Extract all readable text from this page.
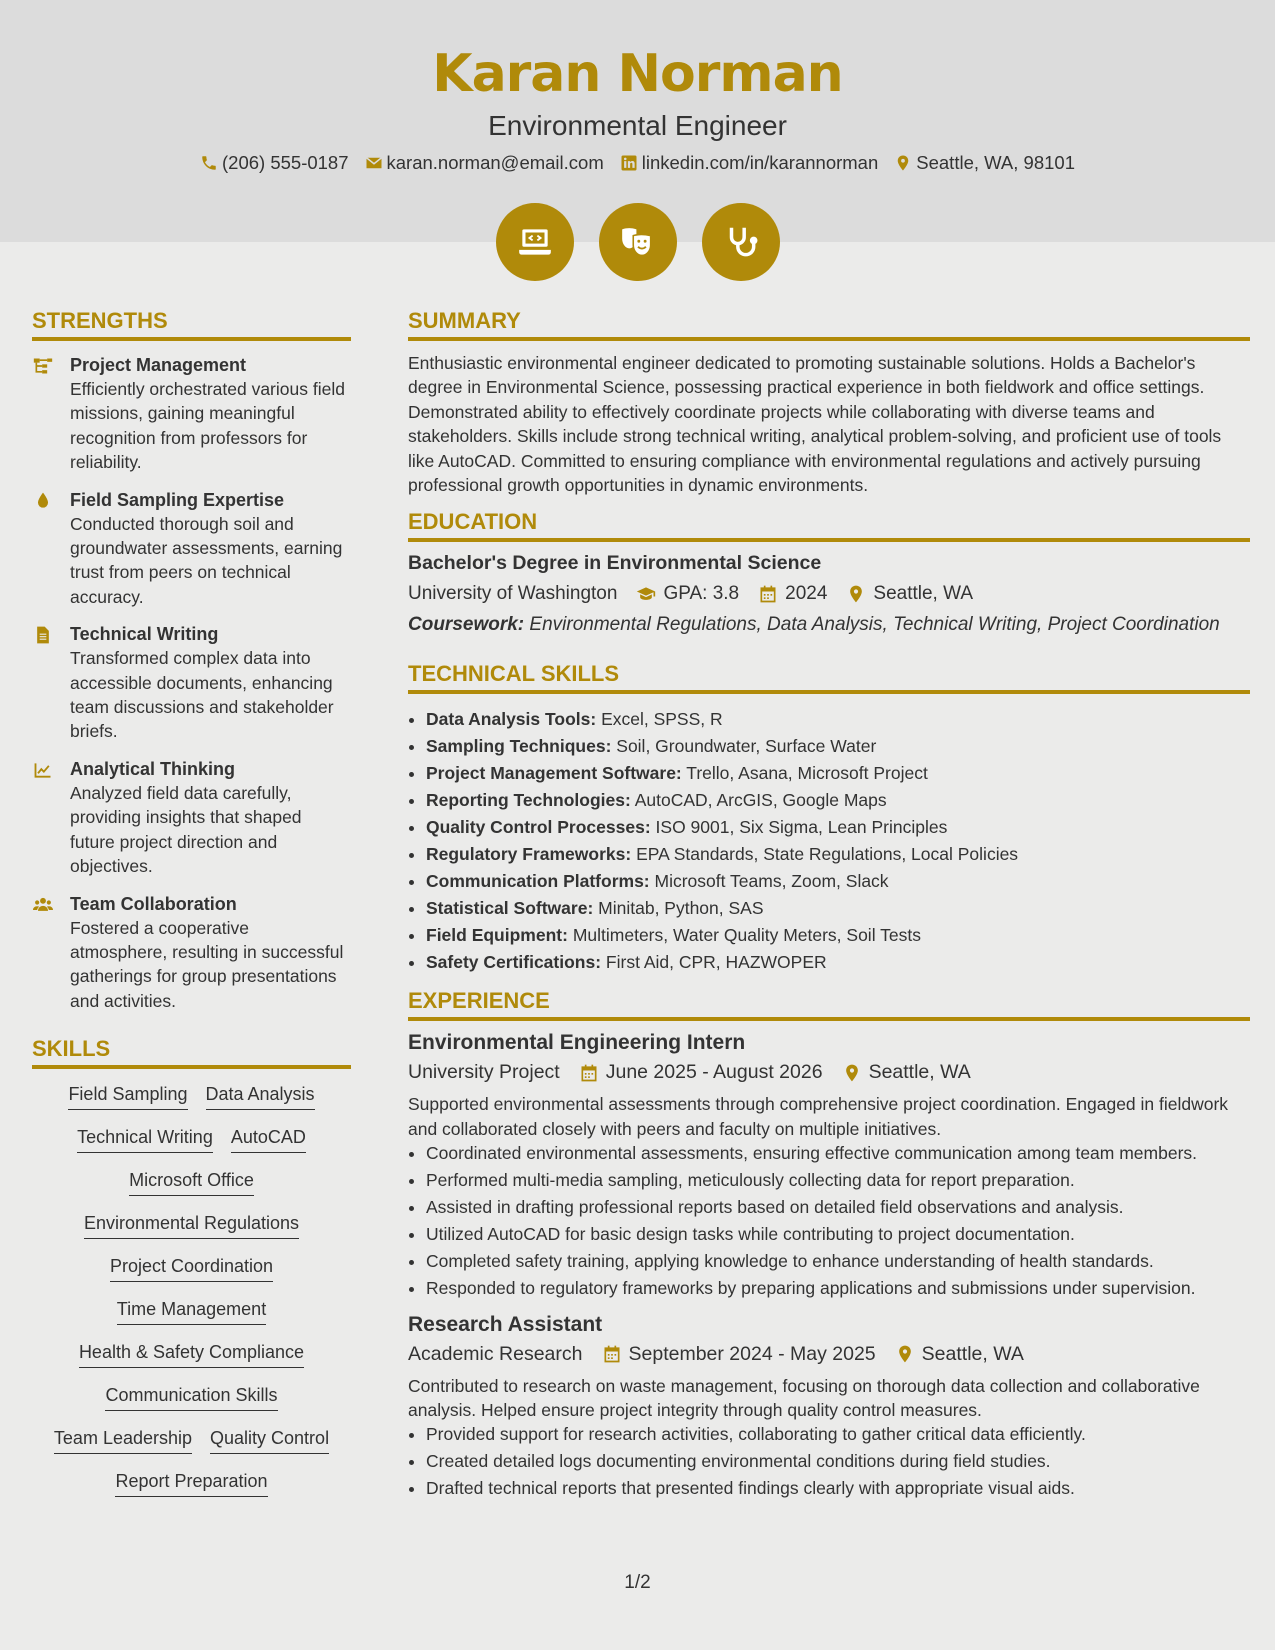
Karan Norman
Environmental Engineer
(206) 555-0187 karan.norman@email.com linkedin.com/in/karannorman Seattle, WA, 98101
STRENGTHS
Project Management
Efficiently orchestrated various field missions, gaining meaningful recognition from professors for reliability.
Field Sampling Expertise
Conducted thorough soil and groundwater assessments, earning trust from peers on technical accuracy.
Technical Writing
Transformed complex data into accessible documents, enhancing team discussions and stakeholder briefs.
Analytical Thinking
Analyzed field data carefully, providing insights that shaped future project direction and objectives.
Team Collaboration
Fostered a cooperative atmosphere, resulting in successful gatherings for group presentations and activities.
SKILLS
Field Sampling Data Analysis
Technical Writing AutoCAD
Microsoft Office
Environmental Regulations
Project Coordination
Time Management
Health & Safety Compliance
Communication Skills
Team Leadership Quality Control
Report Preparation
SUMMARY
Enthusiastic environmental engineer dedicated to promoting sustainable solutions. Holds a Bachelor's degree in Environmental Science, possessing practical experience in both fieldwork and office settings. Demonstrated ability to effectively coordinate projects while collaborating with diverse teams and stakeholders. Skills include strong technical writing, analytical problem-solving, and proficient use of tools like AutoCAD. Committed to ensuring compliance with environmental regulations and actively pursuing professional growth opportunities in dynamic environments.
EDUCATION
Bachelor's Degree in Environmental Science
University of Washington GPA: 3.8 2024 Seattle, WA
Coursework: Environmental Regulations, Data Analysis, Technical Writing, Project Coordination
TECHNICAL SKILLS
• Data Analysis Tools: Excel, SPSS, R
• Sampling Techniques: Soil, Groundwater, Surface Water
• Project Management Software: Trello, Asana, Microsoft Project
• Reporting Technologies: AutoCAD, ArcGIS, Google Maps
• Quality Control Processes: ISO 9001, Six Sigma, Lean Principles
• Regulatory Frameworks: EPA Standards, State Regulations, Local Policies
• Communication Platforms: Microsoft Teams, Zoom, Slack
• Statistical Software: Minitab, Python, SAS
• Field Equipment: Multimeters, Water Quality Meters, Soil Tests
• Safety Certifications: First Aid, CPR, HAZWOPER
EXPERIENCE
Environmental Engineering Intern
University Project June 2025 - August 2026 Seattle, WA
Supported environmental assessments through comprehensive project coordination. Engaged in fieldwork and collaborated closely with peers and faculty on multiple initiatives.
• Coordinated environmental assessments, ensuring effective communication among team members.
• Performed multi-media sampling, meticulously collecting data for report preparation.
• Assisted in drafting professional reports based on detailed field observations and analysis.
• Utilized AutoCAD for basic design tasks while contributing to project documentation.
• Completed safety training, applying knowledge to enhance understanding of health standards.
• Responded to regulatory frameworks by preparing applications and submissions under supervision.
Research Assistant
Academic Research September 2024 - May 2025 Seattle, WA
Contributed to research on waste management, focusing on thorough data collection and collaborative analysis. Helped ensure project integrity through quality control measures.
• Provided support for research activities, collaborating to gather critical data efficiently.
• Created detailed logs documenting environmental conditions during field studies.
• Drafted technical reports that presented findings clearly with appropriate visual aids.
1/2
